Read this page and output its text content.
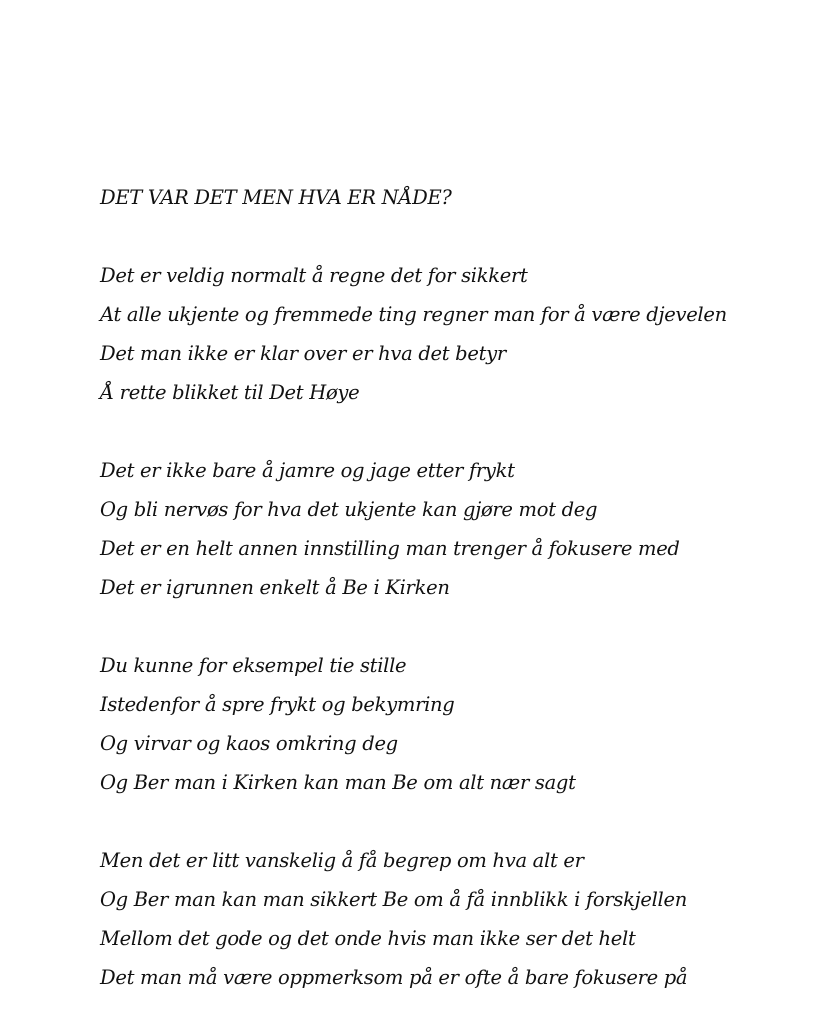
DET VAR DET MEN HVA ER NÅDE?
Det er veldig normalt å regne det for sikkert
At alle ukjente og fremmede ting regner man for å være djevelen
Det man ikke er klar over er hva det betyr
Å rette blikket til Det Høye
Det er ikke bare å jamre og jage etter frykt
Og bli nervøs for hva det ukjente kan gjøre mot deg
Det er en helt annen innstilling man trenger å fokusere med
Det er igrunnen enkelt å Be i Kirken
Du kunne for eksempel tie stille
Istedenfor å spre frykt og bekymring
Og virvar og kaos omkring deg
Og Ber man i Kirken kan man Be om alt nær sagt
Men det er litt vanskelig å få begrep om hva alt er
Og Ber man kan man sikkert Be om å få innblikk i forskjellen
Mellom det gode og det onde hvis man ikke ser det helt
Det man må være oppmerksom på er ofte å bare fokusere på
